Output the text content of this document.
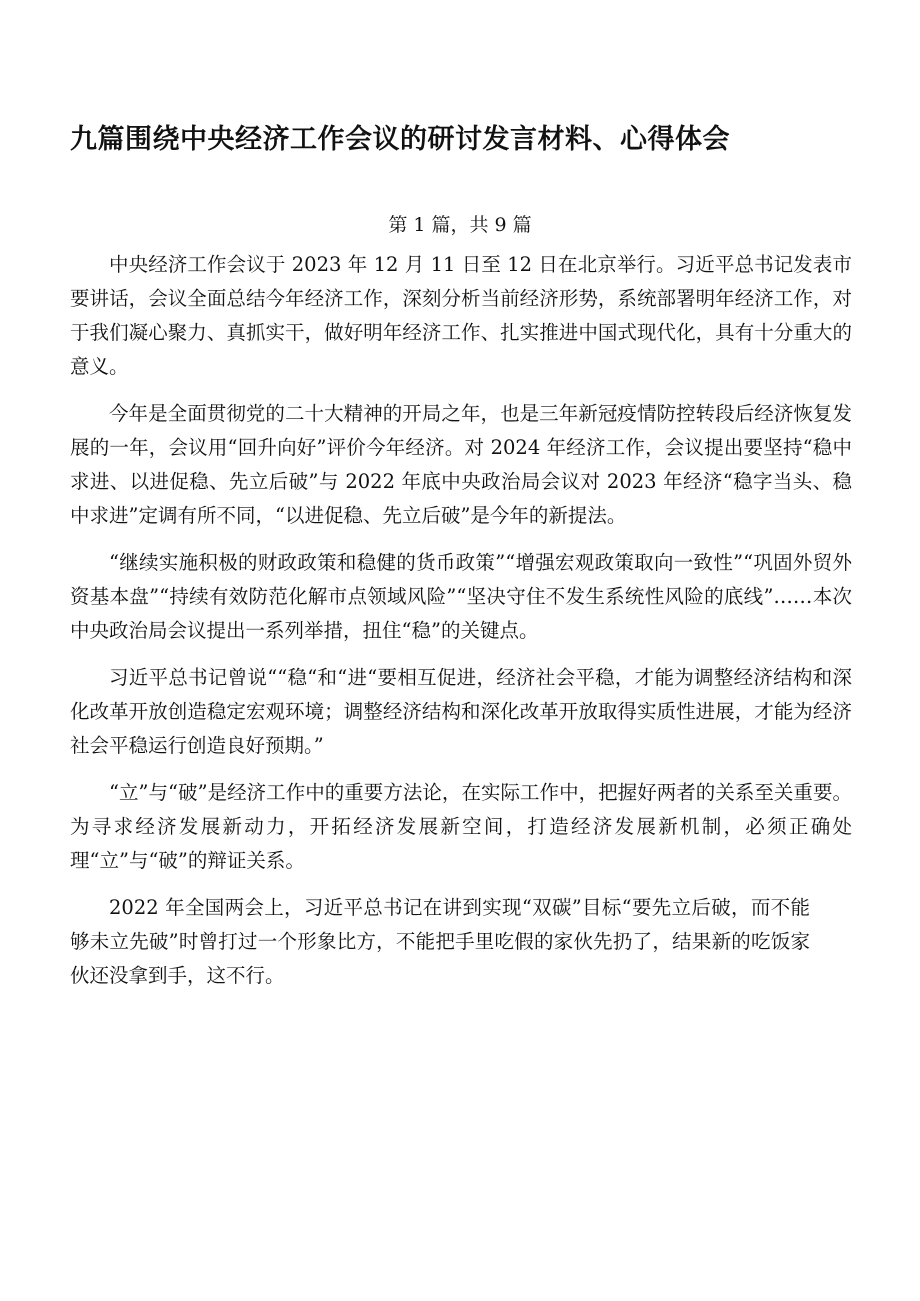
九篇围绕中央经济工作会议的研讨发言材料、心得体会
第 1 篇，共 9 篇

中央经济工作会议于 2023 年 12 月 11 日至 12 日在北京举行。习近平总书记发表市要讲话，会议全面总结今年经济工作，深刻分析当前经济形势，系统部署明年经济工作，对于我们凝心聚力、真抓实干，做好明年经济工作、扎实推进中国式现代化，具有十分重大的意义。

今年是全面贯彻党的二十大精神的开局之年，也是三年新冠疫情防控转段后经济恢复发展的一年，会议用“回升向好”评价今年经济。对 2024 年经济工作，会议提出要坚持“稳中求进、以进促稳、先立后破”与 2022 年底中央政治局会议对 2023 年经济“稳字当头、稳中求进”定调有所不同，“以进促稳、先立后破”是今年的新提法。

“继续实施积极的财政政策和稳健的货币政策”“增强宏观政策取向一致性”“巩固外贸外资基本盘”“持续有效防范化解市点领域风险”“坚决守住不发生系统性风险的底线”……本次中央政治局会议提出一系列举措，扭住“稳”的关键点。

习近平总书记曾说““稳“和“进“要相互促进，经济社会平稳，才能为调整经济结构和深化改革开放创造稳定宏观环境；调整经济结构和深化改革开放取得实质性进展，才能为经济社会平稳运行创造良好预期。”

“立”与“破”是经济工作中的重要方法论，在实际工作中，把握好两者的关系至关重要。为寻求经济发展新动力，开拓经济发展新空间，打造经济发展新机制，必须正确处理“立”与“破”的辩证关系。

2022 年全国两会上，习近平总书记在讲到实现“双碳”目标“要先立后破，而不能够未立先破”时曾打过一个形象比方，不能把手里吃假的家伙先扔了，结果新的吃饭家伙还没拿到手，这不行。
